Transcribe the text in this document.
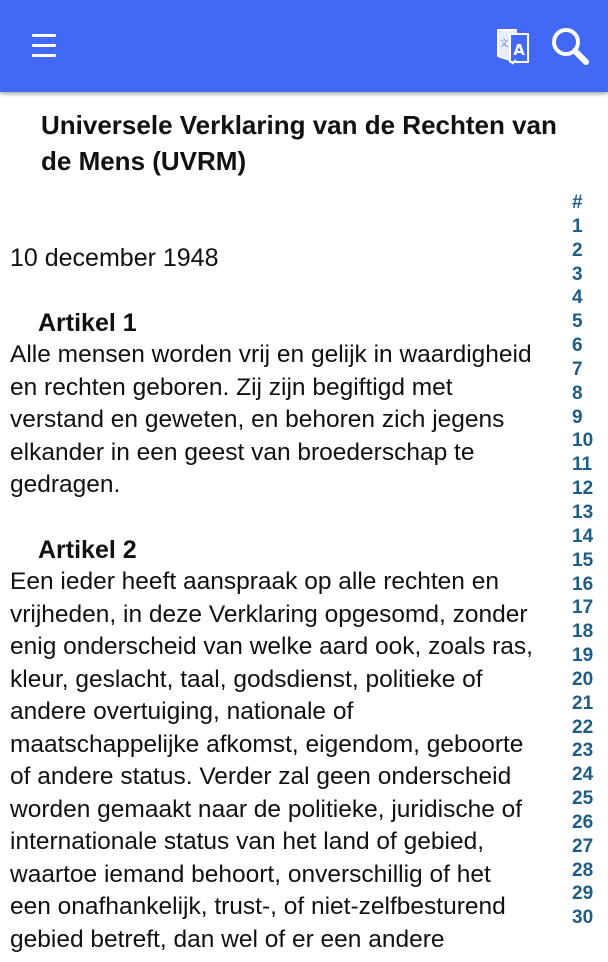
A
文
Universele Verklaring van de Rechten van de Mens (UVRM)
10 december 1948
Artikel 1

Alle mensen worden vrij en gelijk in waardigheid
en rechten geboren. Zij zijn begiftigd met
verstand en geweten, en behoren zich jegens
elkander in een geest van broederschap te
gedragen.

Artikel 2

Een ieder heeft aanspraak op alle rechten en
vrijheden, in deze Verklaring opgesomd, zonder
enig onderscheid van welke aard ook, zoals ras,
kleur, geslacht, taal, godsdienst, politieke of
andere overtuiging, nationale of
maatschappelijke afkomst, eigendom, geboorte
of andere status. Verder zal geen onderscheid
worden gemaakt naar de politieke, juridische of
internationale status van het land of gebied,
waartoe iemand behoort, onverschillig of het
een onafhankelijk, trust-, of niet-zelfbesturend
gebied betreft, dan wel of er een andere

#
1
2
3
4
5
6
7
8
9
10
11
12
13
14
15
16
17
18
19
20
21
22
23
24
25
26
27
28
29
30
